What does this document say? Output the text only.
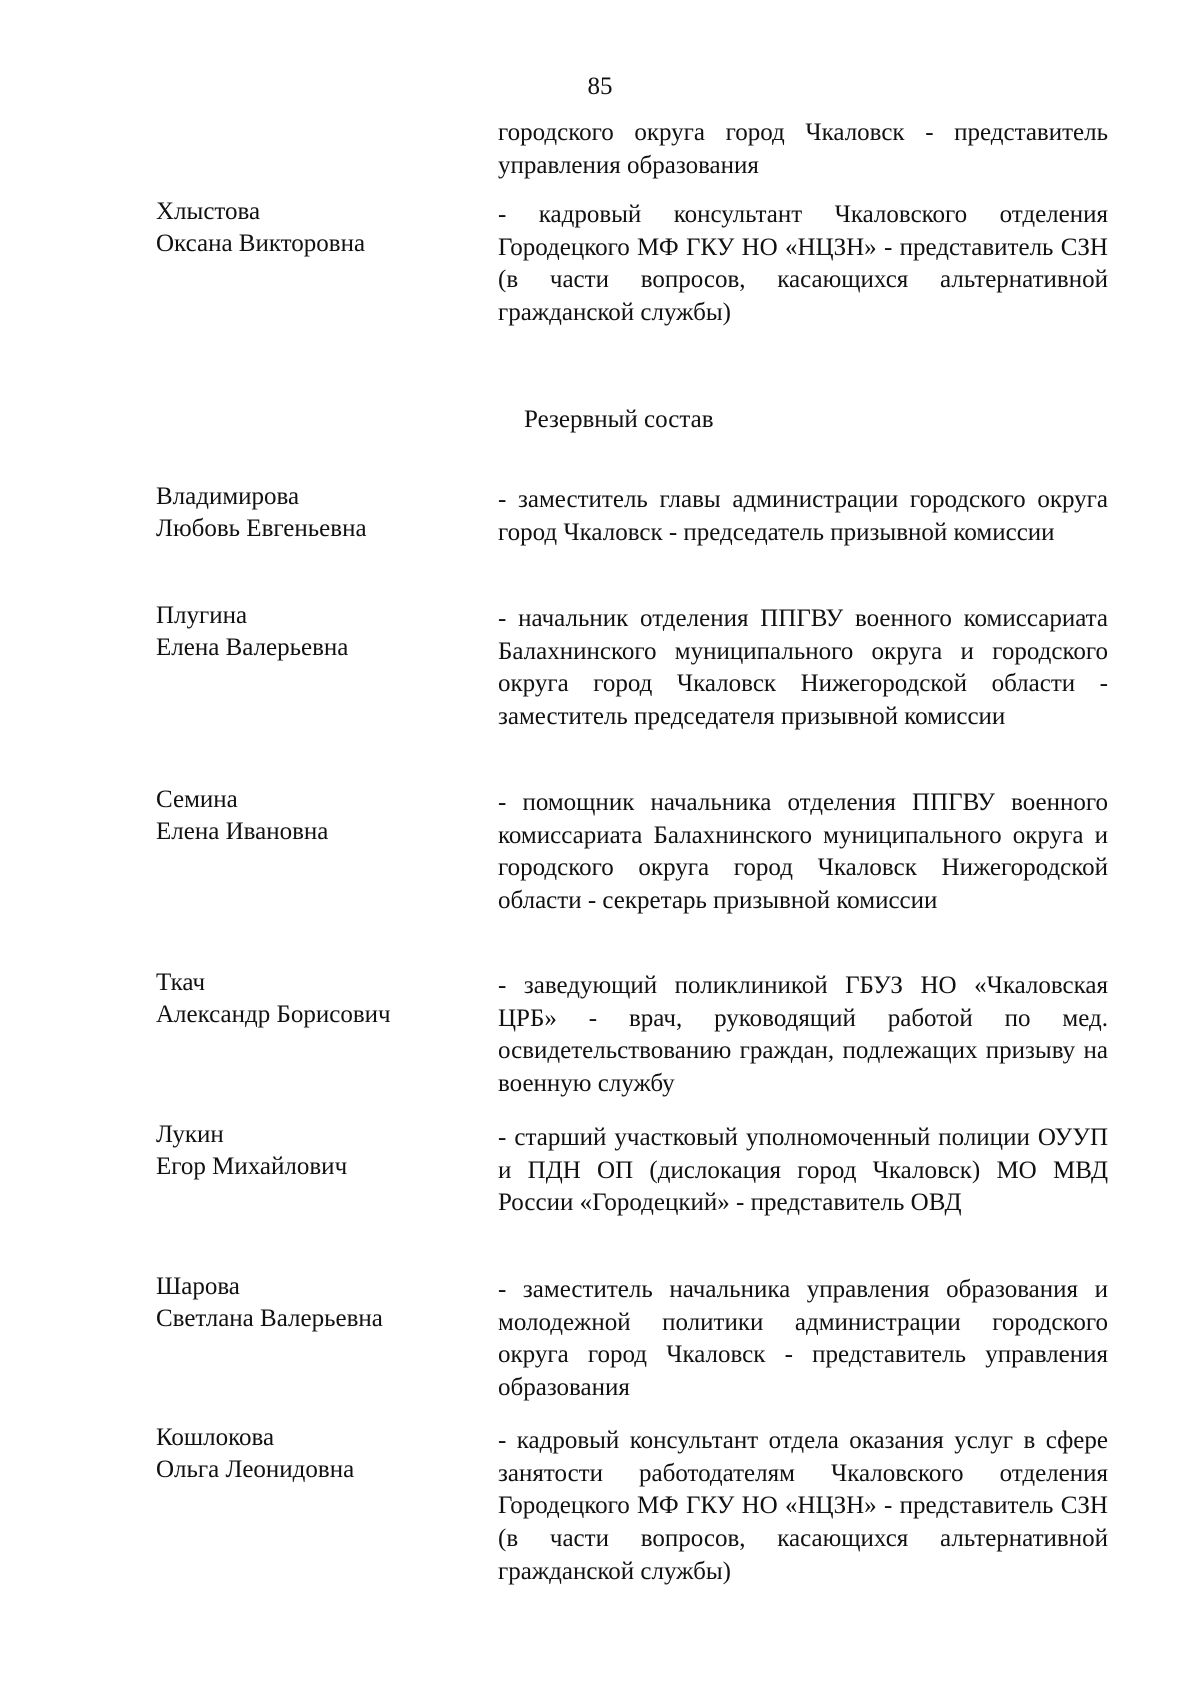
85
городского округа город Чкаловск - представитель управления образования
Хлыстова
Оксана Викторовна
- кадровый консультант Чкаловского отделения Городецкого МФ ГКУ НО «НЦЗН» - представитель СЗН (в части вопросов, касающихся альтернативной гражданской службы)
Резервный состав
Владимирова
Любовь Евгеньевна
- заместитель главы администрации городского округа город Чкаловск - председатель призывной комиссии
Плугина
Елена Валерьевна
- начальник отделения ППГВУ военного комиссариата Балахнинского муниципального округа и городского округа город Чкаловск Нижегородской области - заместитель председателя призывной комиссии
Семина
Елена Ивановна
- помощник начальника отделения ППГВУ военного комиссариата Балахнинского муниципального округа и городского округа город Чкаловск Нижегородской области - секретарь призывной комиссии
Ткач
Александр Борисович
- заведующий поликлиникой ГБУЗ НО «Чкаловская ЦРБ» - врач, руководящий работой по мед. освидетельствованию граждан, подлежащих призыву на военную службу
Лукин
Егор Михайлович
- старший участковый уполномоченный полиции ОУУП и ПДН ОП (дислокация город Чкаловск) МО МВД России «Городецкий» - представитель ОВД
Шарова
Светлана Валерьевна
- заместитель начальника управления образования и молодежной политики администрации городского округа город Чкаловск - представитель управления образования
Кошлокова
Ольга Леонидовна
- кадровый консультант отдела оказания услуг в сфере занятости работодателям Чкаловского отделения Городецкого МФ ГКУ НО «НЦЗН» - представитель СЗН (в части вопросов, касающихся альтернативной гражданской службы)
